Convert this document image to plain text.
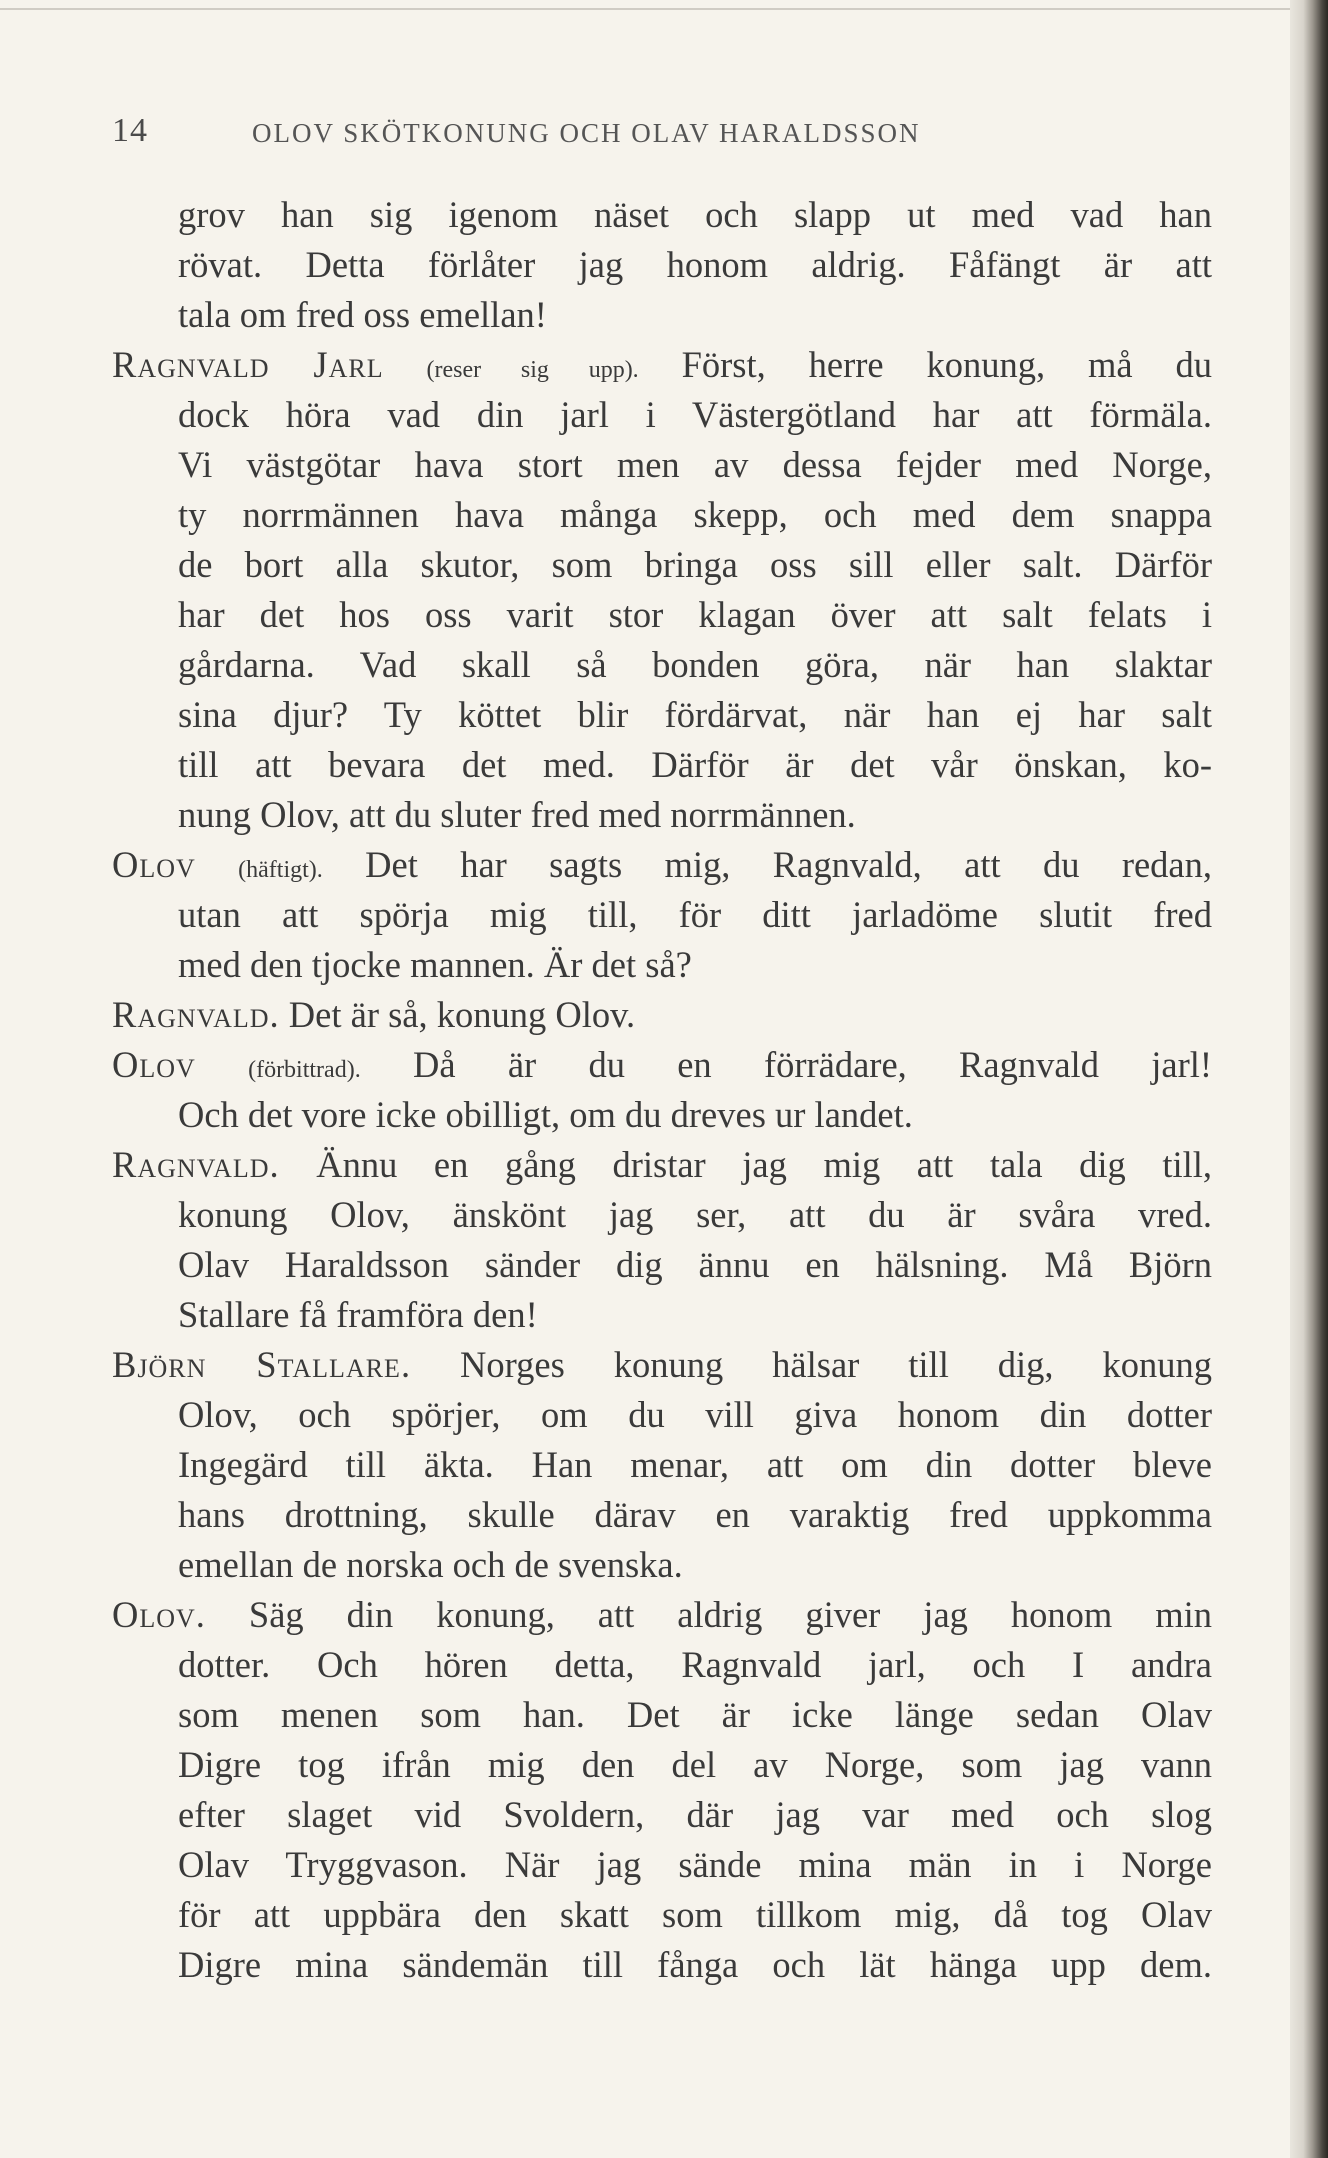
14	OLOV SKÖTKONUNG OCH OLAV HARALDSSON
grov han sig igenom näset och slapp ut med vad han
rövat. Detta förlåter jag honom aldrig. Fåfängt är att
tala om fred oss emellan!
Ragnvald Jarl (reser sig upp). Först, herre konung, må du
dock höra vad din jarl i Västergötland har att förmäla.
Vi västgötar hava stort men av dessa fejder med Norge,
ty norrmännen hava många skepp, och med dem snappa
de bort alla skutor, som bringa oss sill eller salt. Därför
har det hos oss varit stor klagan över att salt felats i
gårdarna. Vad skall så bonden göra, när han slaktar
sina djur? Ty köttet blir fördärvat, när han ej har salt
till att bevara det med. Därför är det vår önskan, ko-
nung Olov, att du sluter fred med norrmännen.
Olov (häftigt). Det har sagts mig, Ragnvald, att du redan,
utan att spörja mig till, för ditt jarladöme slutit fred
med den tjocke mannen. Är det så?
Ragnvald. Det är så, konung Olov.
Olov (förbittrad). Då är du en förrädare, Ragnvald jarl!
Och det vore icke obilligt, om du dreves ur landet.
Ragnvald. Ännu en gång dristar jag mig att tala dig till,
konung Olov, änskönt jag ser, att du är svåra vred.
Olav Haraldsson sänder dig ännu en hälsning. Må Björn
Stallare få framföra den!
Björn Stallare. Norges konung hälsar till dig, konung
Olov, och spörjer, om du vill giva honom din dotter
Ingegärd till äkta. Han menar, att om din dotter bleve
hans drottning, skulle därav en varaktig fred uppkomma
emellan de norska och de svenska.
Olov. Säg din konung, att aldrig giver jag honom min
dotter. Och hören detta, Ragnvald jarl, och I andra
som menen som han. Det är icke länge sedan Olav
Digre tog ifrån mig den del av Norge, som jag vann
efter slaget vid Svoldern, där jag var med och slog
Olav Tryggvason. När jag sände mina män in i Norge
för att uppbära den skatt som tillkom mig, då tog Olav
Digre mina sändemän till fånga och lät hänga upp dem.
